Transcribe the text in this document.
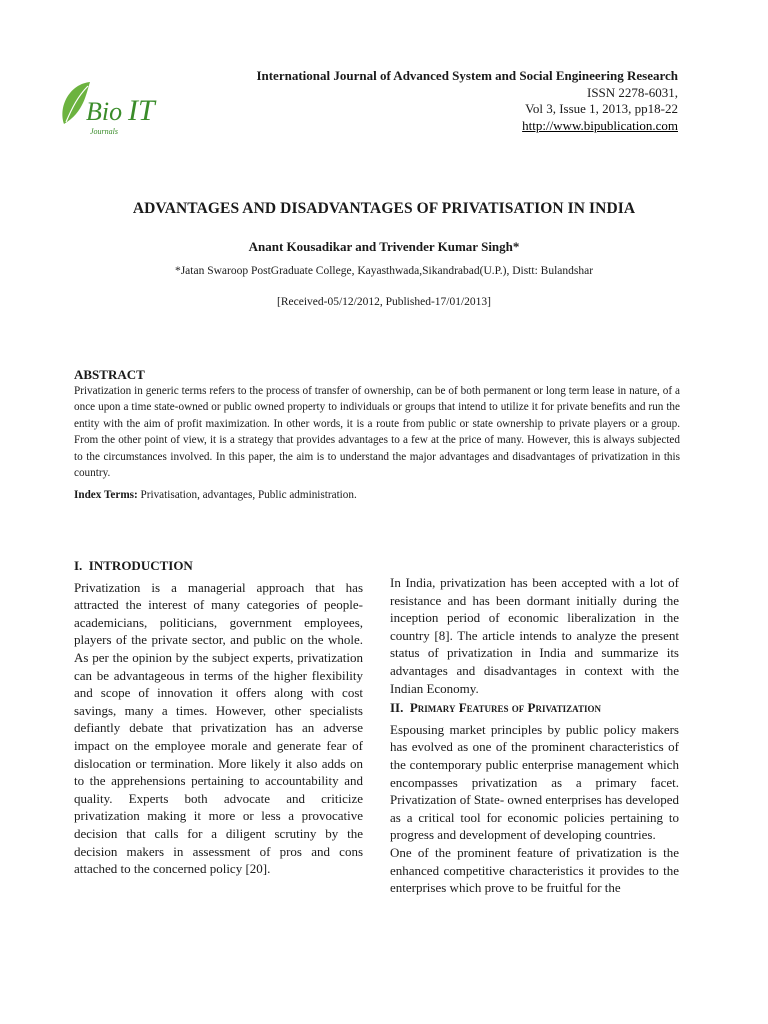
Bio IT
Journals
International Journal of Advanced System and Social Engineering Research
ISSN 2278-6031,
Vol 3, Issue 1, 2013, pp18-22
http://www.bipublication.com
ADVANTAGES AND DISADVANTAGES OF PRIVATISATION IN INDIA
Anant Kousadikar and Trivender Kumar Singh*
*Jatan Swaroop PostGraduate College, Kayasthwada,Sikandrabad(U.P.), Distt: Bulandshar
[Received-05/12/2012, Published-17/01/2013]
ABSTRACT

Privatization in generic terms refers to the process of transfer of ownership, can be of both permanent or long term lease in nature, of a once upon a time state-owned or public owned property to individuals or groups that intend to utilize it for private benefits and run the entity with the aim of profit maximization. In other words, it is a route from public or state ownership to private players or a group. From the other point of view, it is a strategy that provides advantages to a few at the price of many. However, this is always subjected to the circumstances involved. In this paper, the aim is to understand the major advantages and disadvantages of privatization in this country.

Index Terms: Privatisation, advantages, Public administration.

I.  INTRODUCTION

Privatization is a managerial approach that has attracted the interest of many categories of people- academicians, politicians, government employees, players of the private sector, and public on the whole. As per the opinion by the subject experts, privatization can be advantageous in terms of the higher flexibility and scope of innovation it offers along with cost savings, many a times. However, other specialists defiantly debate that privatization has an adverse impact on the employee morale and generate fear of dislocation or termination. More likely it also adds on to the apprehensions pertaining to accountability and quality. Experts both advocate and criticize privatization making it more or less a provocative decision that calls for a diligent scrutiny by the decision makers in assessment of pros and cons attached to the concerned policy [20].

In India, privatization has been accepted with a lot of resistance and has been dormant initially during the inception period of economic liberalization in the country [8]. The article intends to analyze the present status of privatization in India and summarize its advantages and disadvantages in context with the Indian Economy.

II.  Primary Features of Privatization

Espousing market principles by public policy makers has evolved as one of the prominent characteristics of the contemporary public enterprise management which encompasses privatization as a primary facet. Privatization of State- owned enterprises has developed as a critical tool for economic policies pertaining to progress and development of developing countries.

One of the prominent feature of privatization is the enhanced competitive characteristics it provides to the enterprises which prove to be fruitful for the
